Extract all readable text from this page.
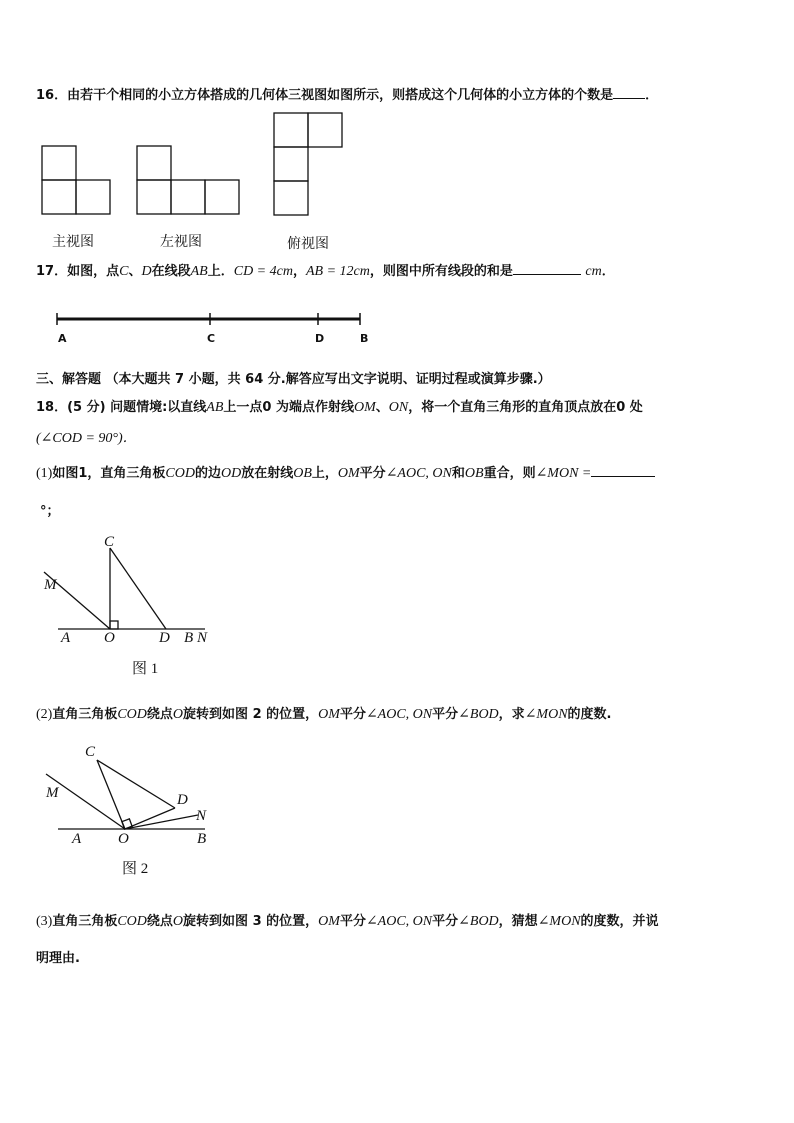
16．由若干个相同的小立方体搭成的几何体三视图如图所示，则搭成这个几何体的小立方体的个数是 ．
主视图	左视图	俯视图
17．如图，点C、D在线段AB上．CD = 4cm，AB = 12cm，则图中所有线段的和是	cm．
A	C	D	B
三、解答题 （本大题共 7 小题，共 64 分.解答应写出文字说明、证明过程或演算步骤.）
18．(5 分) 问题情境:以直线AB上一点0 为端点作射线OM、ON，将一个直角三角形的直角顶点放在0 处
(∠COD = 90°)．
(1)如图1，直角三角板COD的边OD放在射线OB上，OM平分∠AOC, ON和OB重合，则∠MON =
°；
C
M
A O	D B N
图 1
(2)直角三角板COD绕点O旋转到如图 2 的位置，OM平分∠AOC, ON平分∠BOD，求∠MON的度数.
C
M	D
N
A O	B
图 2
(3)直角三角板COD绕点O旋转到如图 3 的位置，OM平分∠AOC, ON平分∠BOD，猜想∠MON的度数，并说
明理由.
